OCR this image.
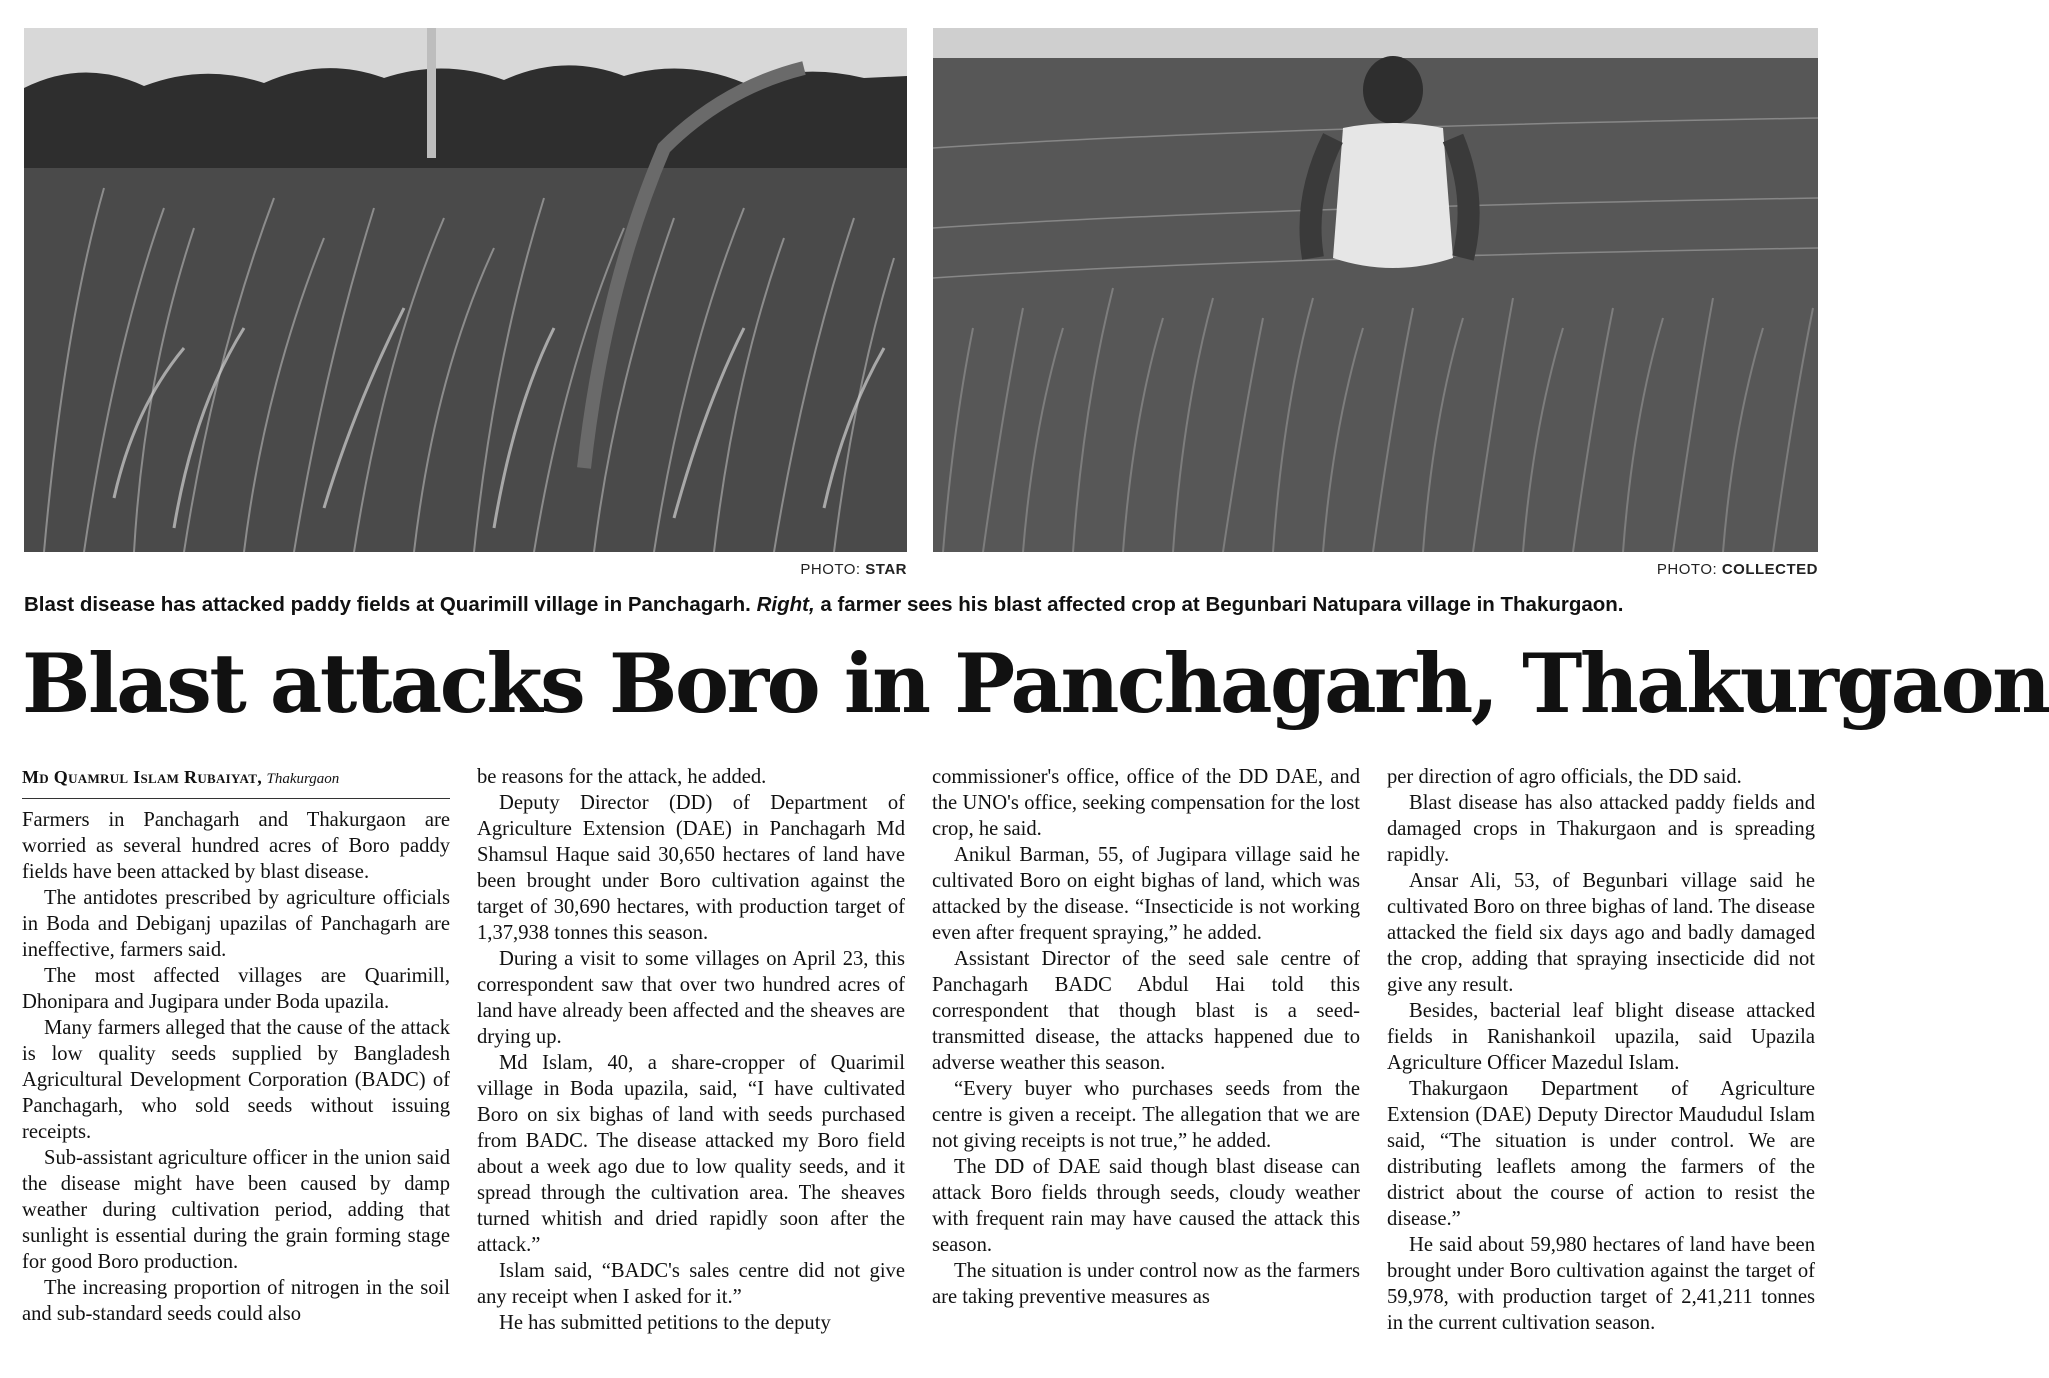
PHOTO: STAR	PHOTO: COLLECTED
Blast disease has attacked paddy fields at Quarimill village in Panchagarh. Right, a farmer sees his blast affected crop at Begunbari Natupara village in Thakurgaon.
Blast attacks Boro in Panchagarh, Thakurgaon
Md Quamrul Islam Rubaiyat, Thakurgaon

Farmers in Panchagarh and Thakurgaon are worried as several hundred acres of Boro paddy fields have been attacked by blast disease.

The antidotes prescribed by agriculture officials in Boda and Debiganj upazilas of Panchagarh are ineffective, farmers said.

The most affected villages are Quarimill, Dhonipara and Jugipara under Boda upazila.

Many farmers alleged that the cause of the attack is low quality seeds supplied by Bangladesh Agricultural Development Corporation (BADC) of Panchagarh, who sold seeds without issuing receipts.

Sub-assistant agriculture officer in the union said the disease might have been caused by damp weather during cultivation period, adding that sunlight is essential during the grain forming stage for good Boro production.

The increasing proportion of nitrogen in the soil and sub-standard seeds could also

be reasons for the attack, he added.

Deputy Director (DD) of Department of Agriculture Extension (DAE) in Panchagarh Md Shamsul Haque said 30,650 hectares of land have been brought under Boro cultivation against the target of 30,690 hectares, with production target of 1,37,938 tonnes this season.

During a visit to some villages on April 23, this correspondent saw that over two hundred acres of land have already been affected and the sheaves are drying up.

Md Islam, 40, a share-cropper of Quarimil village in Boda upazila, said, “I have cultivated Boro on six bighas of land with seeds purchased from BADC. The disease attacked my Boro field about a week ago due to low quality seeds, and it spread through the cultivation area. The sheaves turned whitish and dried rapidly soon after the attack.”

Islam said, “BADC's sales centre did not give any receipt when I asked for it.”

He has submitted petitions to the deputy

commissioner's office, office of the DD DAE, and the UNO's office, seeking compensation for the lost crop, he said.

Anikul Barman, 55, of Jugipara village said he cultivated Boro on eight bighas of land, which was attacked by the disease. “Insecticide is not working even after frequent spraying,” he added.

Assistant Director of the seed sale centre of Panchagarh BADC Abdul Hai told this correspondent that though blast is a seed-transmitted disease, the attacks happened due to adverse weather this season.

“Every buyer who purchases seeds from the centre is given a receipt. The allegation that we are not giving receipts is not true,” he added.

The DD of DAE said though blast disease can attack Boro fields through seeds, cloudy weather with frequent rain may have caused the attack this season.

The situation is under control now as the farmers are taking preventive measures as

per direction of agro officials, the DD said.

Blast disease has also attacked paddy fields and damaged crops in Thakurgaon and is spreading rapidly.

Ansar Ali, 53, of Begunbari village said he cultivated Boro on three bighas of land. The disease attacked the field six days ago and badly damaged the crop, adding that spraying insecticide did not give any result.

Besides, bacterial leaf blight disease attacked fields in Ranishankoil upazila, said Upazila Agriculture Officer Mazedul Islam.

Thakurgaon Department of Agriculture Extension (DAE) Deputy Director Maududul Islam said, “The situation is under control. We are distributing leaflets among the farmers of the district about the course of action to resist the disease.”

He said about 59,980 hectares of land have been brought under Boro cultivation against the target of 59,978, with production target of 2,41,211 tonnes in the current cultivation season.
